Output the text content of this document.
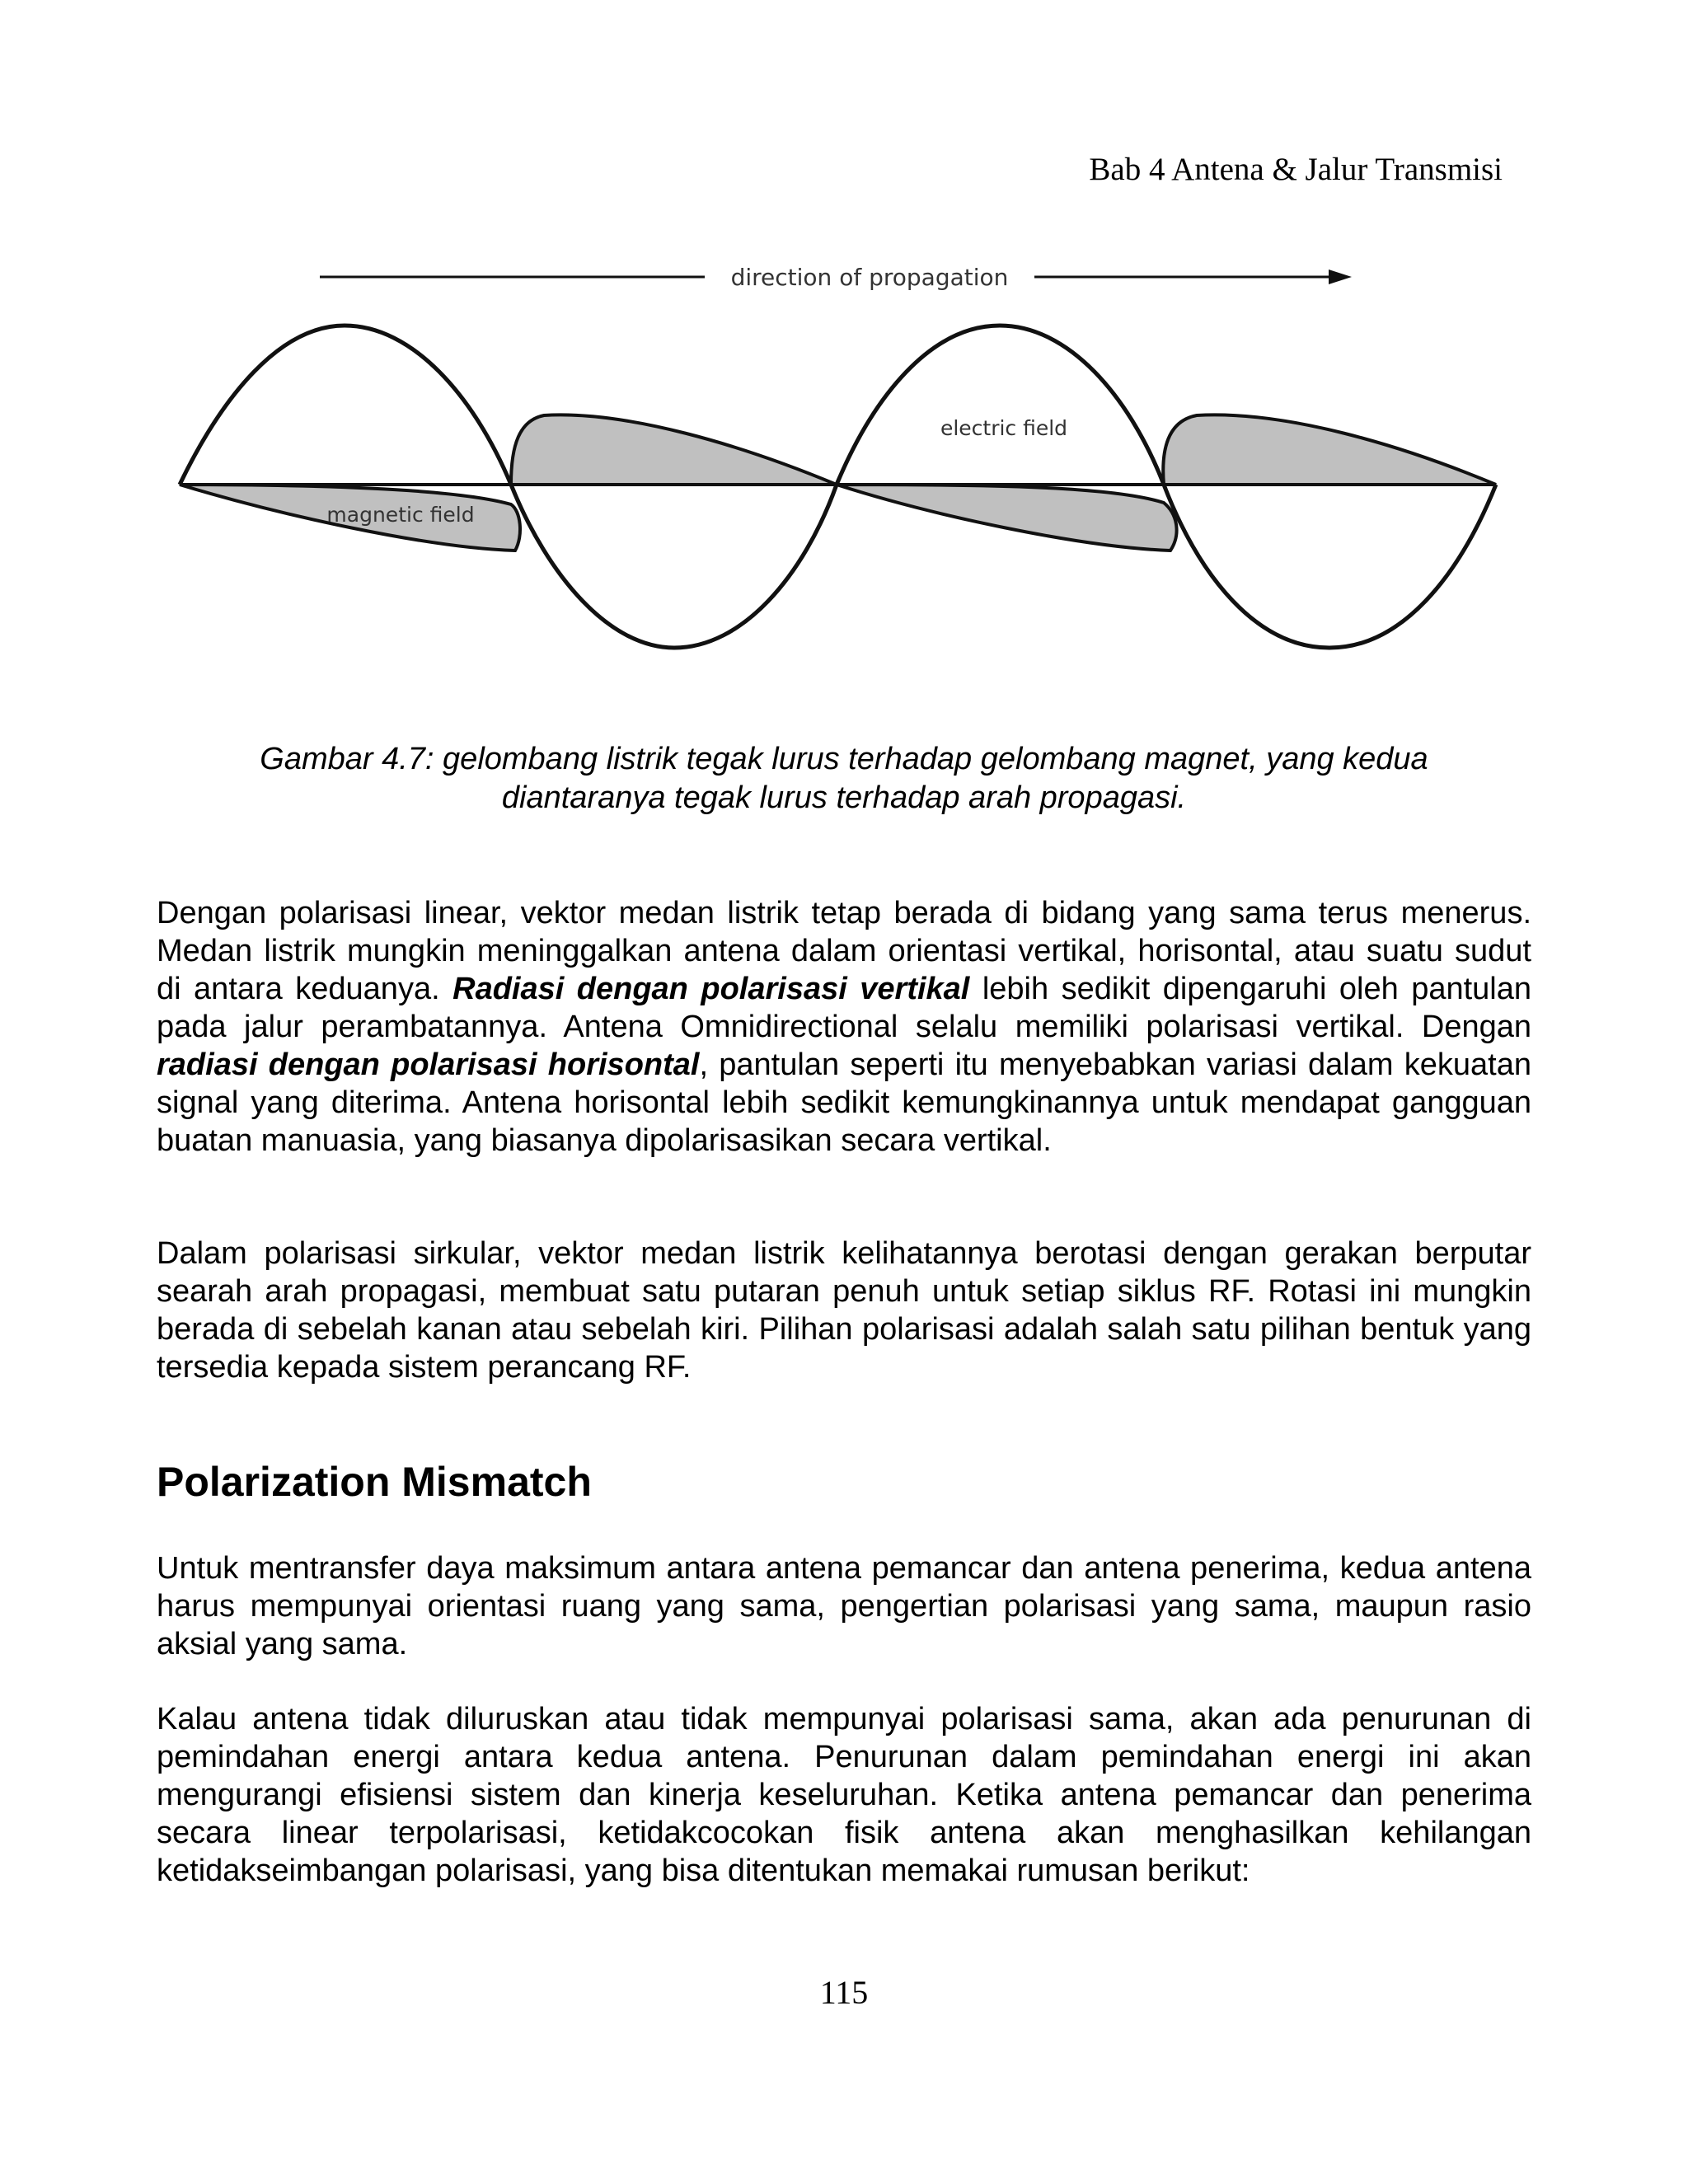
Bab 4 Antena & Jalur Transmisi
direction of propagation
electric field
magnetic field

Gambar 4.7: gelombang listrik tegak lurus terhadap gelombang magnet, yang kedua

diantaranya tegak lurus terhadap arah propagasi.

Dengan polarisasi linear, vektor medan listrik tetap berada di bidang yang sama terus menerus. Medan listrik mungkin meninggalkan antena dalam orientasi vertikal, horisontal, atau suatu sudut di antara keduanya. Radiasi dengan polarisasi vertikal lebih sedikit dipengaruhi oleh pantulan pada jalur perambatannya. Antena Omnidirectional selalu memiliki polarisasi vertikal. Dengan radiasi dengan polarisasi horisontal, pantulan seperti itu menyebabkan variasi dalam kekuatan signal yang diterima. Antena horisontal lebih sedikit kemungkinannya untuk mendapat gangguan buatan manuasia, yang biasanya dipolarisasikan secara vertikal.

Dalam polarisasi sirkular, vektor medan listrik kelihatannya berotasi dengan gerakan berputar searah arah propagasi, membuat satu putaran penuh untuk setiap siklus RF. Rotasi ini mungkin berada di sebelah kanan atau sebelah kiri. Pilihan polarisasi adalah salah satu pilihan bentuk yang tersedia kepada sistem perancang RF.

Polarization Mismatch

Untuk mentransfer daya maksimum antara antena pemancar dan antena penerima, kedua antena harus mempunyai orientasi ruang yang sama, pengertian polarisasi yang sama, maupun rasio aksial yang sama.

Kalau antena tidak diluruskan atau tidak mempunyai polarisasi sama, akan ada penurunan di pemindahan energi antara kedua antena. Penurunan dalam pemindahan energi ini akan mengurangi efisiensi sistem dan kinerja keseluruhan. Ketika antena pemancar dan penerima secara linear terpolarisasi, ketidakcocokan fisik antena akan menghasilkan kehilangan ketidakseimbangan polarisasi, yang bisa ditentukan memakai rumusan berikut:

115
